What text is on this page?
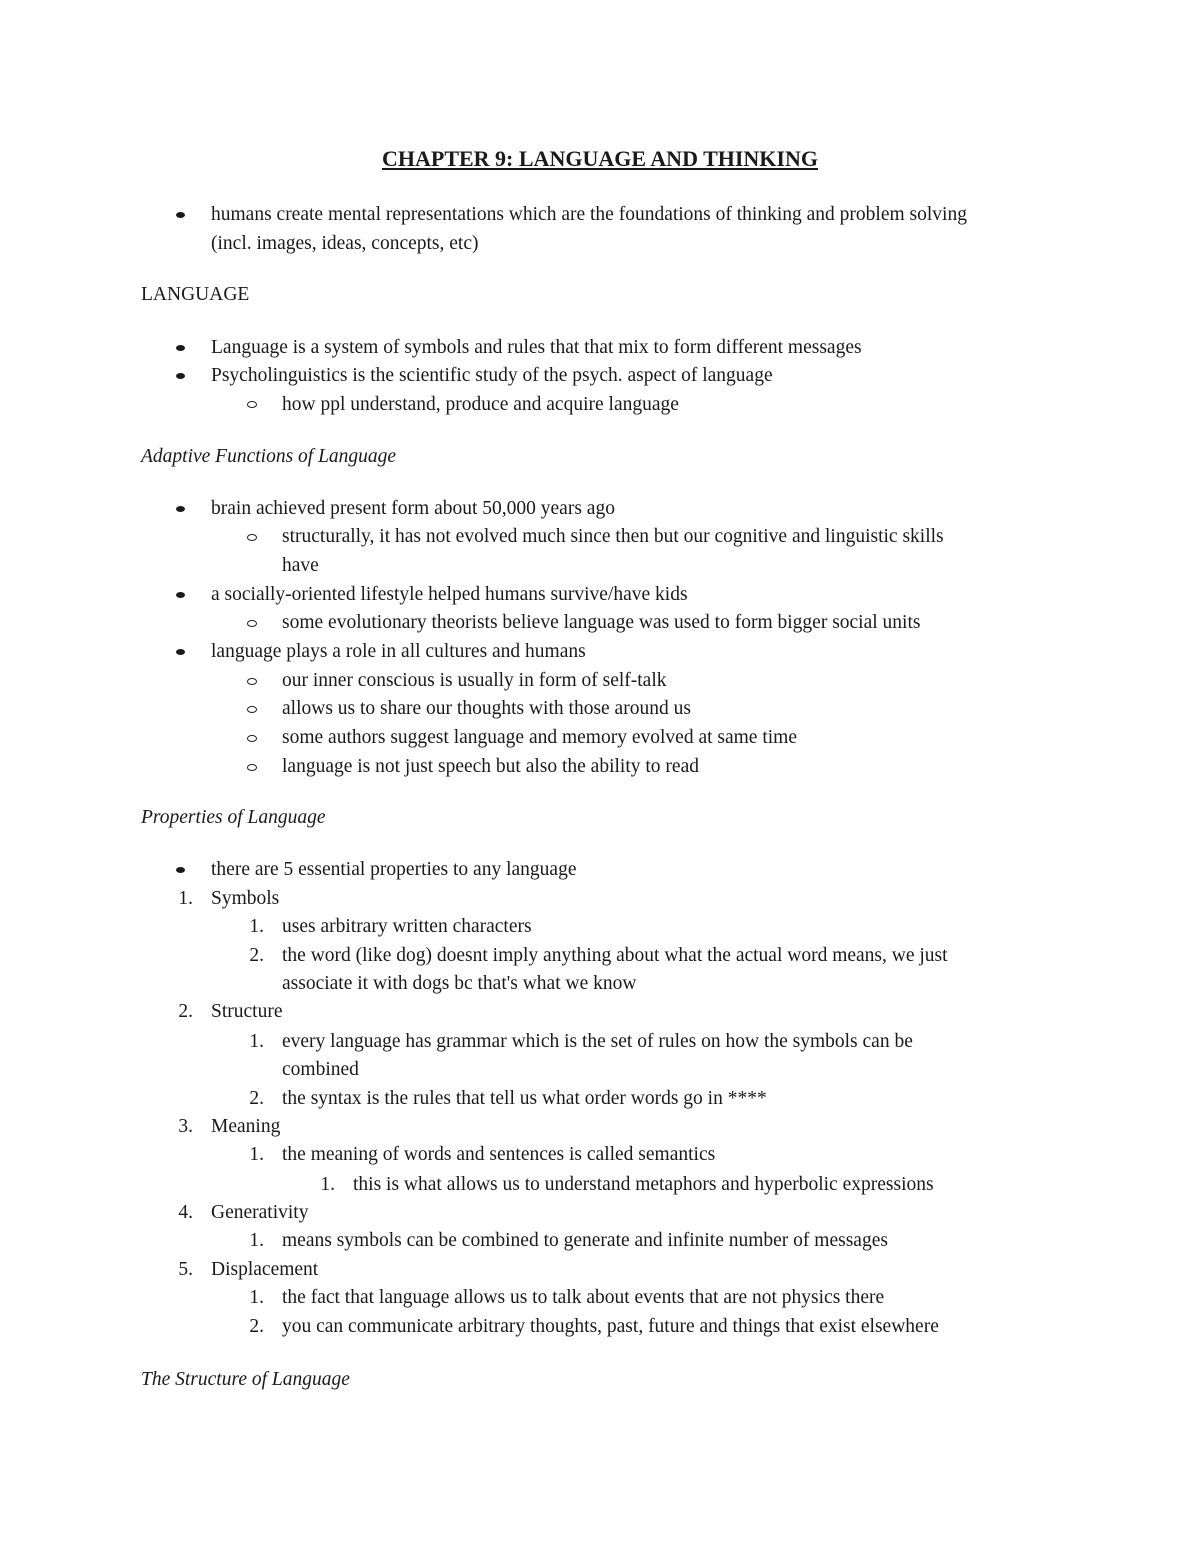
CHAPTER 9: LANGUAGE AND THINKING
humans create mental representations which are the foundations of thinking and problem solving
(incl. images, ideas, concepts, etc)
LANGUAGE
Language is a system of symbols and rules that that mix to form different messages
Psycholinguistics is the scientific study of the psych. aspect of language
how ppl understand, produce and acquire language
Adaptive Functions of Language
brain achieved present form about 50,000 years ago
structurally, it has not evolved much since then but our cognitive and linguistic skills
have
a socially-oriented lifestyle helped humans survive/have kids
some evolutionary theorists believe language was used to form bigger social units
language plays a role in all cultures and humans
our inner conscious is usually in form of self-talk
allows us to share our thoughts with those around us
some authors suggest language and memory evolved at same time
language is not just speech but also the ability to read
Properties of Language
there are 5 essential properties to any language
1. Symbols
1. uses arbitrary written characters
2. the word (like dog) doesnt imply anything about what the actual word means, we just
associate it with dogs bc that's what we know
2. Structure
1. every language has grammar which is the set of rules on how the symbols can be
combined
2. the syntax is the rules that tell us what order words go in ****
3. Meaning
1. the meaning of words and sentences is called semantics
1. this is what allows us to understand metaphors and hyperbolic expressions
4. Generativity
1. means symbols can be combined to generate and infinite number of messages
5. Displacement
1. the fact that language allows us to talk about events that are not physics there
2. you can communicate arbitrary thoughts, past, future and things that exist elsewhere
The Structure of Language
